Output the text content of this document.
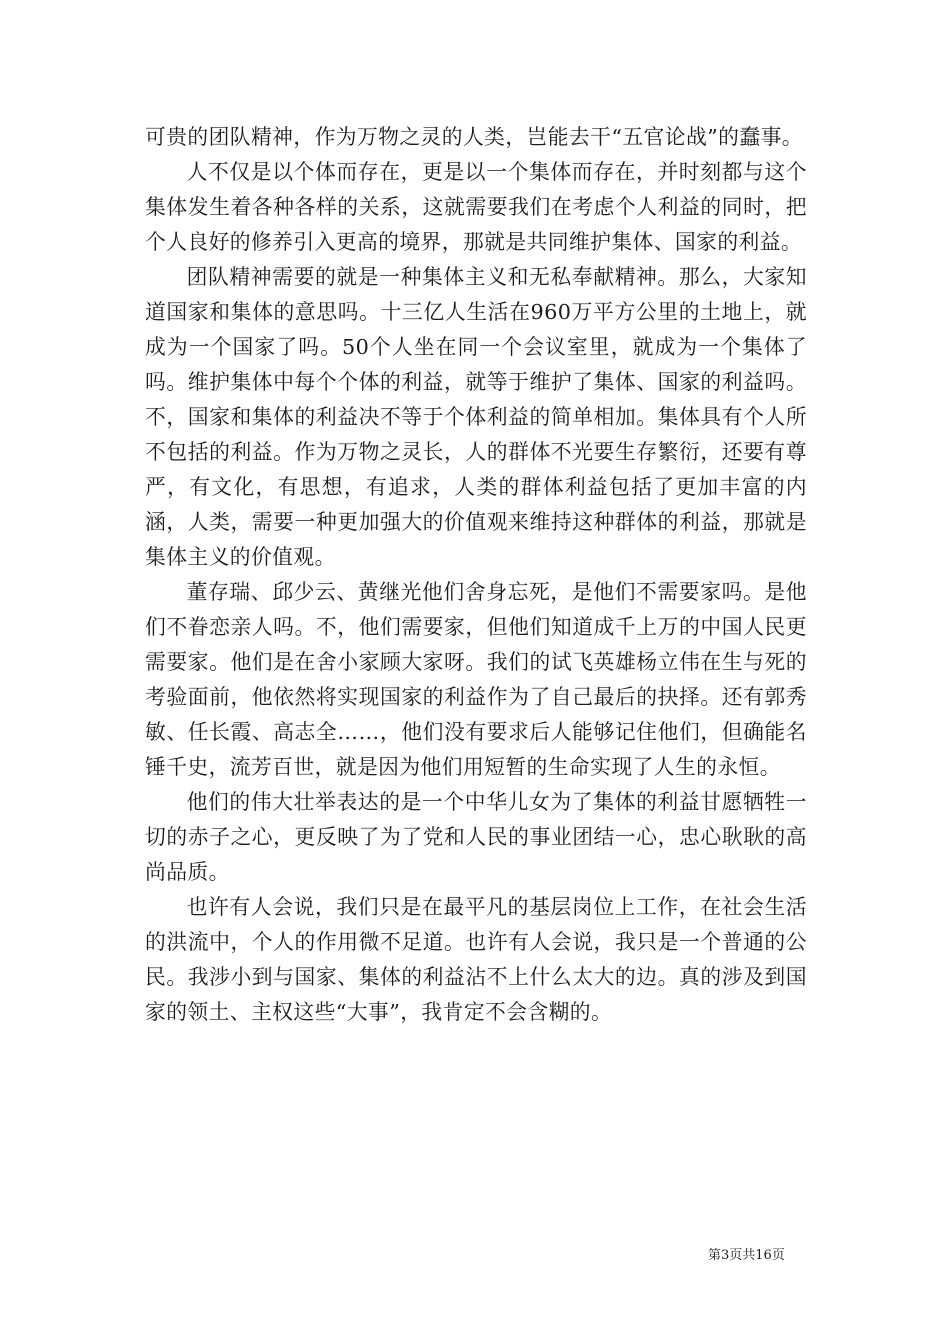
可贵的团队精神，作为万物之灵的人类，岂能去干“五官论战”的蠢事。

人不仅是以个体而存在，更是以一个集体而存在，并时刻都与这个集体发生着各种各样的关系，这就需要我们在考虑个人利益的同时，把个人良好的修养引入更高的境界，那就是共同维护集体、国家的利益。

团队精神需要的就是一种集体主义和无私奉献精神。那么，大家知道国家和集体的意思吗。十三亿人生活在960万平方公里的土地上，就成为一个国家了吗。50个人坐在同一个会议室里，就成为一个集体了吗。维护集体中每个个体的利益，就等于维护了集体、国家的利益吗。不，国家和集体的利益决不等于个体利益的简单相加。集体具有个人所不包括的利益。作为万物之灵长，人的群体不光要生存繁衍，还要有尊严，有文化，有思想，有追求，人类的群体利益包括了更加丰富的内涵，人类，需要一种更加强大的价值观来维持这种群体的利益，那就是集体主义的价值观。

董存瑞、邱少云、黄继光他们舍身忘死，是他们不需要家吗。是他们不眷恋亲人吗。不，他们需要家，但他们知道成千上万的中国人民更需要家。他们是在舍小家顾大家呀。我们的试飞英雄杨立伟在生与死的考验面前，他依然将实现国家的利益作为了自己最后的抉择。还有郭秀敏、任长霞、高志全……，他们没有要求后人能够记住他们，但确能名锤千史，流芳百世，就是因为他们用短暂的生命实现了人生的永恒。

他们的伟大壮举表达的是一个中华儿女为了集体的利益甘愿牺牲一切的赤子之心，更反映了为了党和人民的事业团结一心，忠心耿耿的高尚品质。

也许有人会说，我们只是在最平凡的基层岗位上工作，在社会生活的洪流中，个人的作用微不足道。也许有人会说，我只是一个普通的公民。我涉小到与国家、集体的利益沾不上什么太大的边。真的涉及到国家的领土、主权这些“大事”，我肯定不会含糊的。

第3页共16页
